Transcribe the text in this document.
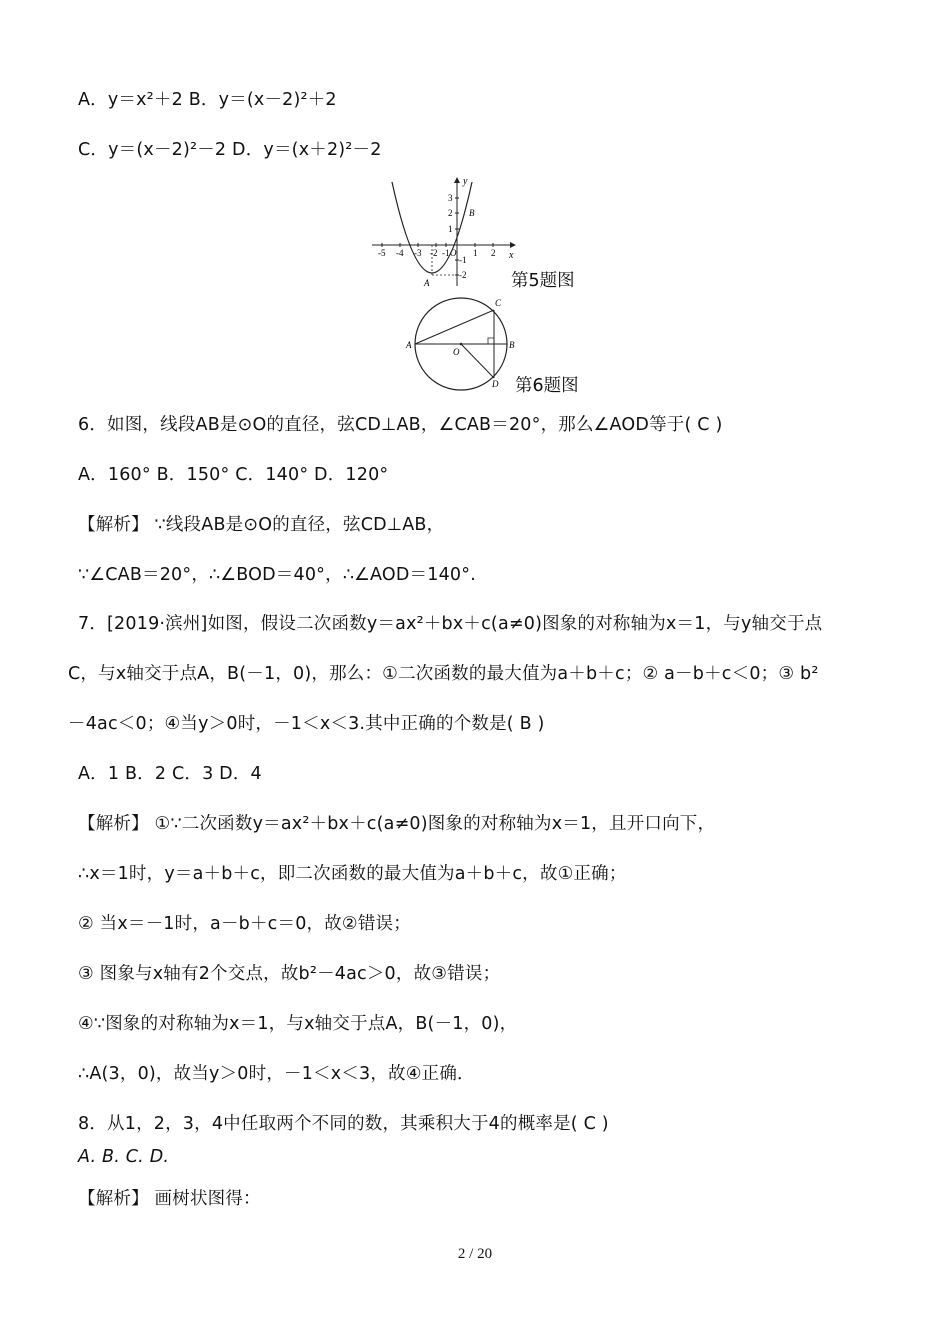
A．y＝x²＋2 B．y＝(x－2)²＋2
C．y＝(x－2)²－2 D．y＝(x＋2)²－2
-5 -4 -3 -2 -1 O 1 2
3
2
1
-1
-2
x
y
A
B
第5题图
A	B
C
D
O
第6题图
6．如图，线段AB是⊙O的直径，弦CD⊥AB，∠CAB＝20°，那么∠AOD等于( C )
A．160° B．150° C．140° D．120°
【解析】 ∵线段AB是⊙O的直径，弦CD⊥AB，
∵∠CAB＝20°，∴∠BOD＝40°，∴∠AOD＝140°.
7．[2019·滨州]如图，假设二次函数y＝ax²＋bx＋c(a≠0)图象的对称轴为x＝1，与y轴交于点
C，与x轴交于点A，B(－1，0)，那么：①二次函数的最大值为a＋b＋c；② a－b＋c＜0；③ b²
－4ac＜0；④当y＞0时，－1＜x＜3.其中正确的个数是( B )
A．1 B．2 C．3 D．4
【解析】 ①∵二次函数y＝ax²＋bx＋c(a≠0)图象的对称轴为x＝1，且开口向下，
∴x＝1时，y＝a＋b＋c，即二次函数的最大值为a＋b＋c，故①正确；
② 当x＝－1时，a－b＋c＝0，故②错误；
③ 图象与x轴有2个交点，故b²－4ac＞0，故③错误；
④∵图象的对称轴为x＝1，与x轴交于点A，B(－1，0)，
∴A(3，0)，故当y＞0时，－1＜x＜3，故④正确．
8．从1，2，3，4中任取两个不同的数，其乘积大于4的概率是( C )
A. B. C. D.
【解析】 画树状图得：
2 / 20
